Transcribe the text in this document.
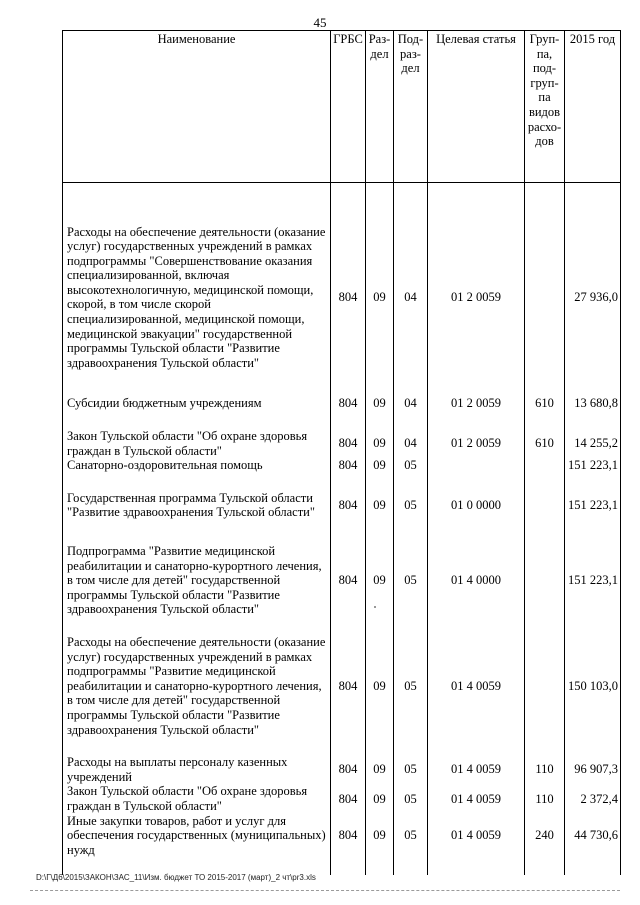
45
Наименование	ГРБС	Раз-дел	Под-раз-дел	Целевая статья	Груп-па, под-груп-па видов расхо-дов	2015 год

Расходы на обеспечение деятельности (оказание услуг) государственных учреждений в рамках подпрограммы "Совершенствование оказания специализированной, включая высокотехнологичную, медицинской помощи, скорой, в том числе скорой специализированной, медицинской помощи, медицинской эвакуации" государственной программы Тульской области "Развитие здравоохранения Тульской области"	804	09	04	01 2 0059		27 936,0

Субсидии бюджетным учреждениям	804	09	04	01 2 0059	610	13 680,8

Закон Тульской области "Об охране здоровья граждан в Тульской области"	804	09	04	01 2 0059	610	14 255,2
Санаторно-оздоровительная помощь	804	09	05			151 223,1

Государственная программа Тульской области "Развитие здравоохранения Тульской области"	804	09	05	01 0 0000		151 223,1

Подпрограмма "Развитие медицинской реабилитации и санаторно-курортного лечения, в том числе для детей" государственной программы Тульской области "Развитие здравоохранения Тульской области"	804	09	05	01 4 0000		151 223,1

Расходы на обеспечение деятельности (оказание услуг) государственных учреждений в рамках подпрограммы "Развитие медицинской реабилитации и санаторно-курортного лечения, в том числе для детей" государственной программы Тульской области "Развитие здравоохранения Тульской области"	804	09	05	01 4 0059		150 103,0

Расходы на выплаты персоналу казенных учреждений	804	09	05	01 4 0059	110	96 907,3
Закон Тульской области "Об охране здоровья граждан в Тульской области"	804	09	05	01 4 0059	110	2 372,4
Иные закупки товаров, работ и услуг для обеспечения государственных (муниципальных) нужд	804	09	05	01 4 0059	240	44 730,6

D:\Г\Д6\2015\ЗАКОН\ЗАС_11\Изм. бюджет ТО 2015-2017 (март)_2 чт\pr3.xls
